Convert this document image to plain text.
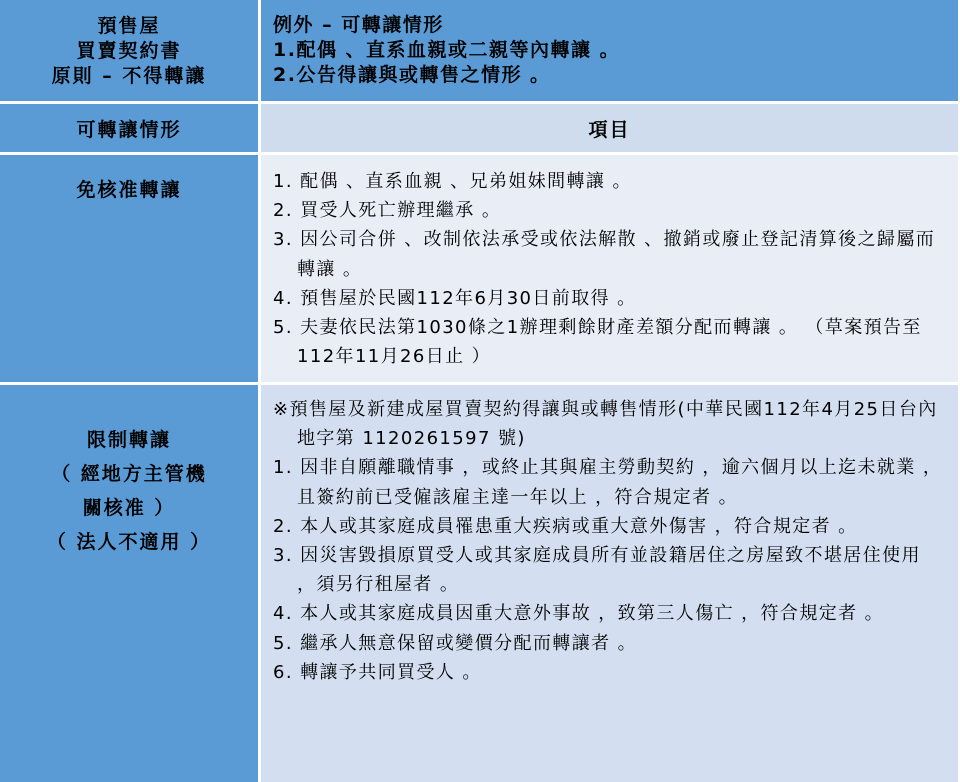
預售屋
買賣契約書
原則 – 不得轉讓
例外 – 可轉讓情形
1.配偶 、直系血親或二親等內轉讓 。
2.公告得讓與或轉售之情形 。
可轉讓情形	項目
免核准轉讓	1. 配偶 、直系血親 、兄弟姐妹間轉讓 。
2. 買受人死亡辦理繼承 。
3. 因公司合併 、改制依法承受或依法解散 、撤銷或廢止登記清算後之歸屬而轉讓 。
4. 預售屋於民國112年6月30日前取得 。
5. 夫妻依民法第1030條之1辦理剩餘財產差額分配而轉讓 。 （草案預告至112年11月26日止 ）
限制轉讓
（ 經地方主管機
關核准 ）
（ 法人不適用 ）
※預售屋及新建成屋買賣契約得讓與或轉售情形(中華民國112年4月25日台內地字第 1120261597 號)
1. 因非自願離職情事 ，或終止其與雇主勞動契約 ，逾六個月以上迄未就業 ，且簽約前已受僱該雇主達一年以上 ，符合規定者 。
2. 本人或其家庭成員罹患重大疾病或重大意外傷害 ，符合規定者 。
3. 因災害毀損原買受人或其家庭成員所有並設籍居住之房屋致不堪居住使用 ，須另行租屋者 。
4. 本人或其家庭成員因重大意外事故 ，致第三人傷亡 ，符合規定者 。
5. 繼承人無意保留或變價分配而轉讓者 。
6. 轉讓予共同買受人 。
